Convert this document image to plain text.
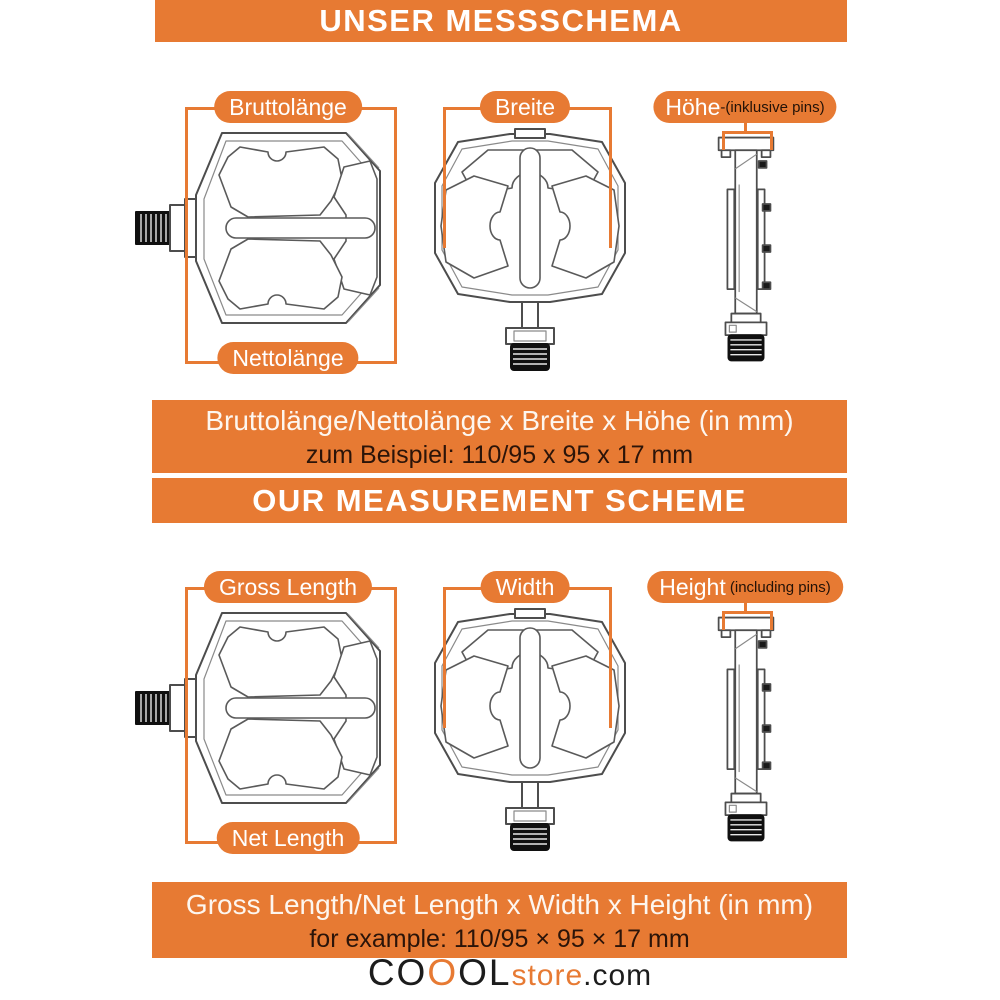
UNSER MESSSCHEMA
Bruttolänge	Breite	Höhe -(inklusive pins)
Nettolänge
Bruttolänge/Nettolänge x Breite x Höhe (in mm)
zum Beispiel: 110/95 x 95 x 17 mm
OUR MEASUREMENT SCHEME
Gross Length	Width	Height (including pins)
Net Length
Gross Length/Net Length x Width x Height (in mm)
for example: 110/95 × 95 × 17 mm
CO O OL store .com
